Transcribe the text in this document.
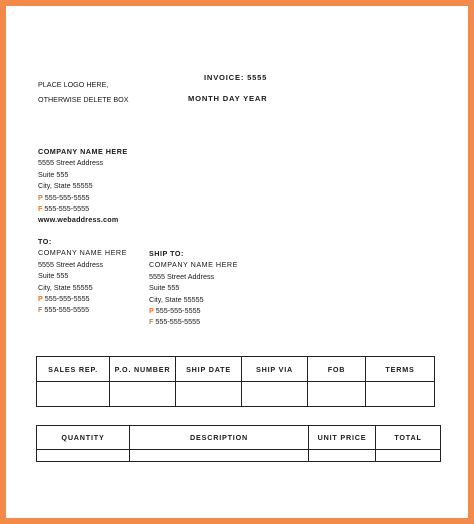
PLACE LOGO HERE,
OTHERWISE DELETE BOX
INVOICE: 5555
MONTH DAY YEAR
COMPANY NAME HERE
5555 Street Address
Suite 555
City, State 55555
P 555-555-5555
F 555-555-5555
www.webaddress.com
TO:
COMPANY NAME HERE
5555 Street Address
Suite 555
City, State 55555
P 555-555-5555
F 555-555-5555
SHIP TO:
COMPANY NAME HERE
5555 Street Address
Suite 555
City, State 55555
P 555-555-5555
F 555-555-5555
SALES REP.	P.O. NUMBER	SHIP DATE	SHIP VIA	FOB	TERMS

QUANTITY	DESCRIPTION	UNIT PRICE	TOTAL
